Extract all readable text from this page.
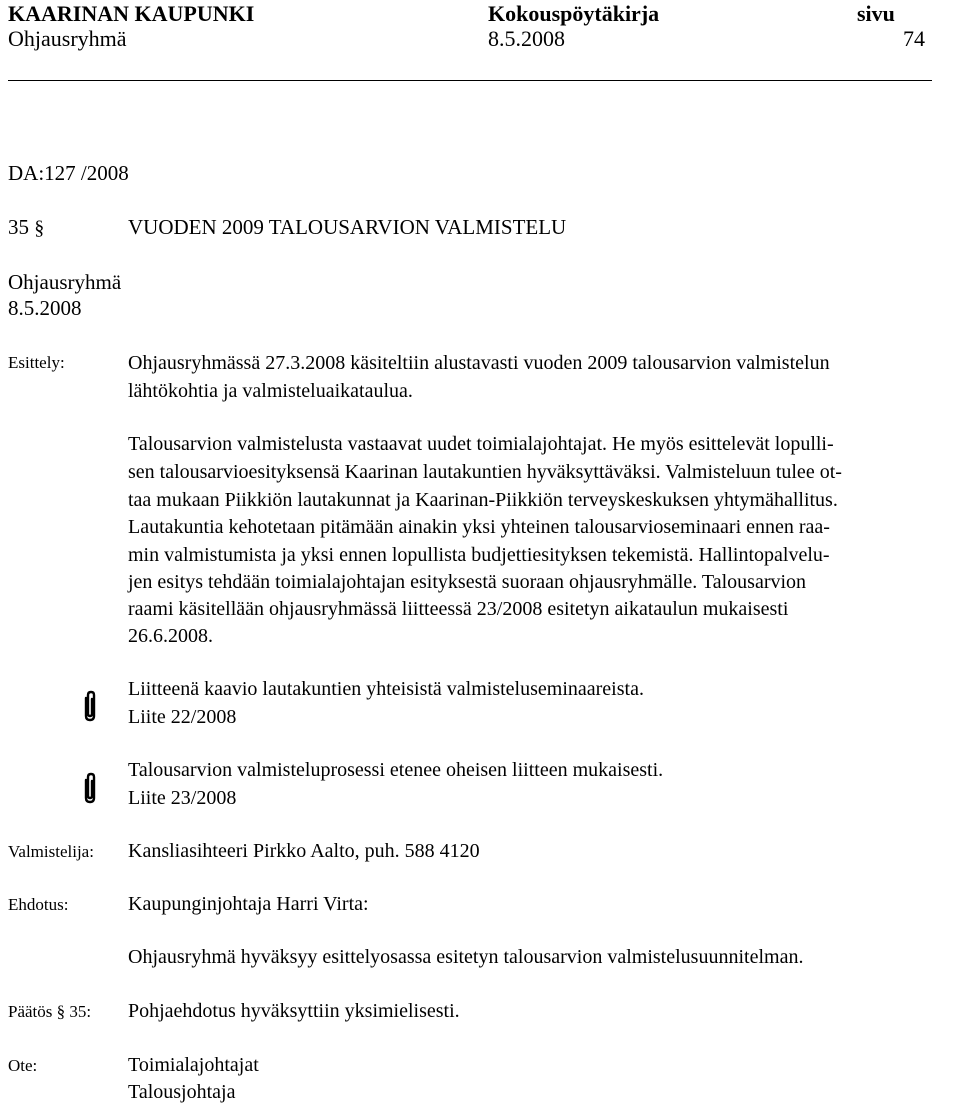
KAARINAN KAUPUNKI	Kokouspöytäkirja	sivu
Ohjausryhmä	8.5.2008	74
DA:127 /2008
35 §	VUODEN 2009 TALOUSARVION VALMISTELU
Ohjausryhmä
8.5.2008
Esittely:	Ohjausryhmässä 27.3.2008 käsiteltiin alustavasti vuoden 2009 talousarvion valmistelun
lähtökohtia ja valmisteluaikataulua.
Talousarvion valmistelusta vastaavat uudet toimialajohtajat. He myös esittelevät lopulli-
sen talousarvioesityksensä Kaarinan lautakuntien hyväksyttäväksi. Valmisteluun tulee ot-
taa mukaan Piikkiön lautakunnat ja Kaarinan-Piikkiön terveyskeskuksen yhtymähallitus.
Lautakuntia kehotetaan pitämään ainakin yksi yhteinen talousarvioseminaari ennen raa-
min valmistumista ja yksi ennen lopullista budjettiesityksen tekemistä. Hallintopalvelu-
jen esitys tehdään toimialajohtajan esityksestä suoraan ohjausryhmälle. Talousarvion
raami käsitellään ohjausryhmässä liitteessä 23/2008 esitetyn aikataulun mukaisesti
26.6.2008.
Liitteenä kaavio lautakuntien yhteisistä valmisteluseminaareista.
Liite 22/2008
Talousarvion valmisteluprosessi etenee oheisen liitteen mukaisesti.
Liite 23/2008
Valmistelija: Kansliasihteeri Pirkko Aalto, puh. 588 4120
Ehdotus:	Kaupunginjohtaja Harri Virta:
Ohjausryhmä hyväksyy esittelyosassa esitetyn talousarvion valmistelusuunnitelman.
Päätös § 35: Pohjaehdotus hyväksyttiin yksimielisesti.
Ote:	Toimialajohtajat
Talousjohtaja
